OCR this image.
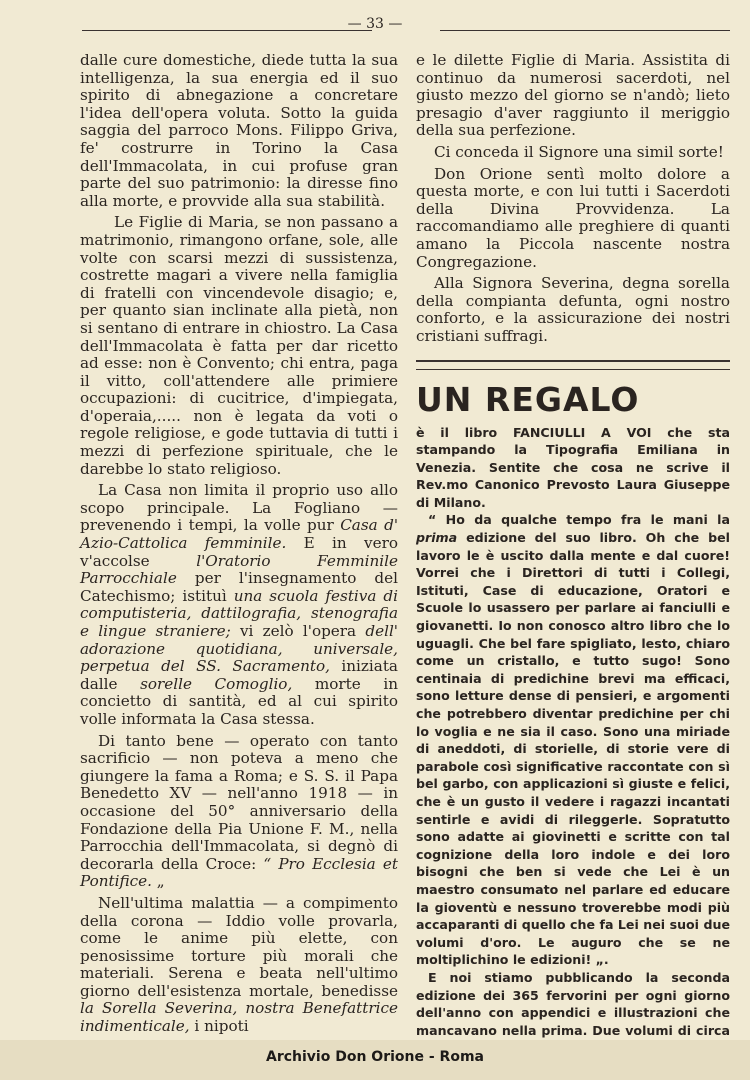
— 33 —

dalle cure domestiche, diede tutta la sua intelligenza, la sua energia ed il suo spirito di abnegazione a concretare l'idea dell'opera voluta. Sotto la guida saggia del parroco Mons. Filippo Griva, fe' costrurre in Torino la Casa dell'Immacolata, in cui profuse gran parte del suo patrimonio: la diresse fino alla morte, e provvide alla sua stabilità.

Le Figlie di Maria, se non passano a matrimonio, rimangono orfane, sole, alle volte con scarsi mezzi di sussistenza, costrette magari a vivere nella famiglia di fratelli con vincendevole disagio; e, per quanto sian inclinate alla pietà, non si sentano di entrare in chiostro. La Casa dell'Immacolata è fatta per dar ricetto ad esse: non è Convento; chi entra, paga il vitto, coll'attendere alle primiere occupazioni: di cucitrice, d'impiegata, d'operaia,..... non è legata da voti o regole religiose, e gode tuttavia di tutti i mezzi di perfezione spirituale, che le darebbe lo stato religioso.

La Casa non limita il proprio uso allo scopo principale. La Fogliano — prevenendo i tempi, la volle pur Casa d' Azio-Cattolica femminile. E in vero v'accolse l'Oratorio Femminile Parrocchiale per l'insegnamento del Catechismo; istituì una scuola festiva di computisteria, dattilografia, stenografia e lingue straniere; vi zelò l'opera dell' adorazione quotidiana, universale, perpetua del SS. Sacramento, iniziata dalle sorelle Comoglio, morte in concietto di santità, ed al cui spirito volle informata la Casa stessa.

Di tanto bene — operato con tanto sacrificio — non poteva a meno che giungere la fama a Roma; e S. S. il Papa Benedetto XV — nell'anno 1918 — in occasione del 50° anniversario della Fondazione della Pia Unione F. M., nella Parrocchia dell'Immacolata, si degnò di decorarla della Croce: “ Pro Ecclesia et Pontifice. „

Nell'ultima malattia — a compimento della corona — Iddio volle provarla, come le anime più elette, con penosissime torture più morali che materiali. Serena e beata nell'ultimo giorno dell'esistenza mortale, benedisse la Sorella Severina, nostra Benefattrice indimenticale, i nipoti

e le dilette Figlie di Maria. Assistita di continuo da numerosi sacerdoti, nel giusto mezzo del giorno se n'andò; lieto presagio d'aver raggiunto il meriggio della sua perfezione.

Ci conceda il Signore una simil sorte!

Don Orione sentì molto dolore a questa morte, e con lui tutti i Sacerdoti della Divina Provvidenza. La raccomandiamo alle preghiere di quanti amano la Piccola nascente nostra Congregazione.

Alla Signora Severina, degna sorella della compianta defunta, ogni nostro conforto, e la assicurazione dei nostri cristiani suffragi.

UN REGALO

è il libro FANCIULLI A VOI che sta stampando la Tipografia Emiliana in Venezia. Sentite che cosa ne scrive il Rev.mo Canonico Prevosto Laura Giuseppe di Milano.

“ Ho da qualche tempo fra le mani la prima edizione del suo libro. Oh che bel lavoro le è uscito dalla mente e dal cuore! Vorrei che i Direttori di tutti i Collegi, Istituti, Case di educazione, Oratori e Scuole lo usassero per parlare ai fanciulli e giovanetti. Io non conosco altro libro che lo uguagli. Che bel fare spigliato, lesto, chiaro come un cristallo, e tutto sugo! Sono centinaia di predichine brevi ma efficaci, sono letture dense di pensieri, e argomenti che potrebbero diventar predichine per chi lo voglia e ne sia il caso. Sono una miriade di aneddoti, di storielle, di storie vere di parabole così significative raccontate con sì bel garbo, con applicazioni sì giuste e felici, che è un gusto il vedere i ragazzi incantati sentirle e avidi di rileggerle. Sopratutto sono adatte ai giovinetti e scritte con tal cognizione della loro indole e dei loro bisogni che ben si vede che Lei è un maestro consumato nel parlare ed educare la gioventù e nessuno troverebbe modi più accaparanti di quello che fa Lei nei suoi due volumi d'oro. Le auguro che se ne moltiplichino le edizioni! „.

E noi stiamo pubblicando la seconda edizione dei 365 fervorini per ogni giorno dell'anno con appendici e illustrazioni che mancavano nella prima. Due volumi di circa

Archivio Don Orione - Roma
